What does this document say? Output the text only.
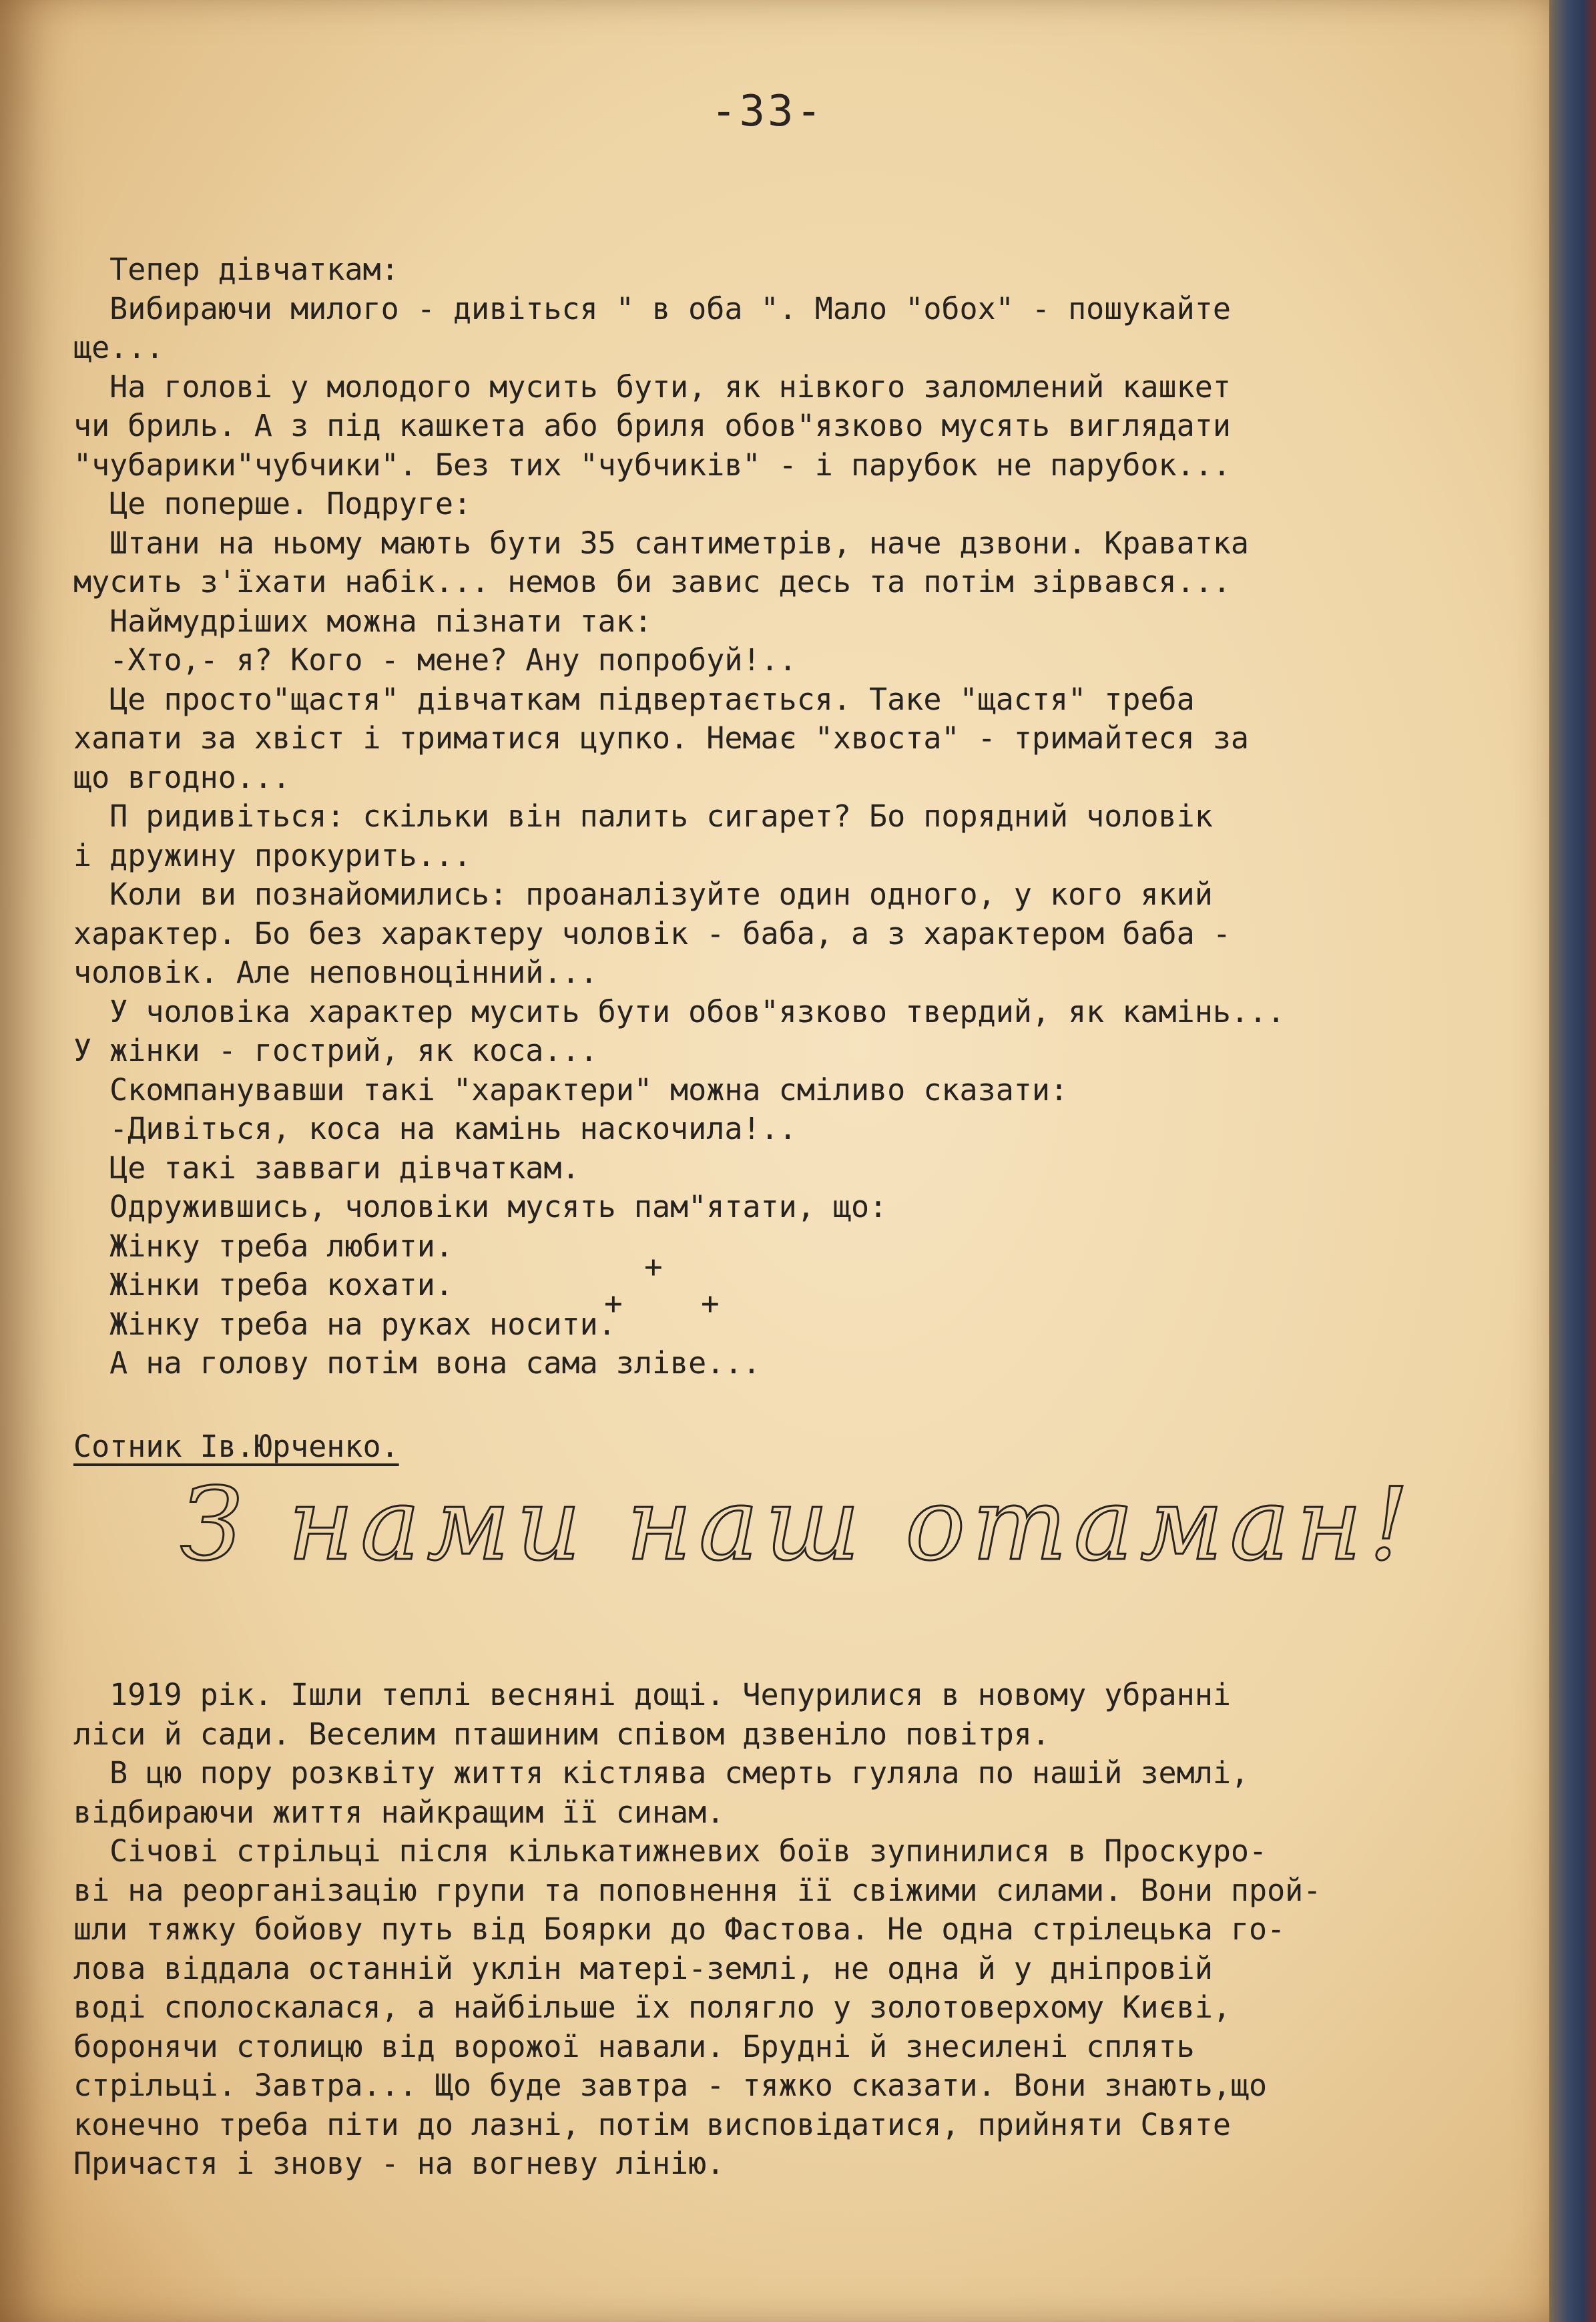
-33-
Тепер дівчаткам:
Вибираючи милого - дивіться " в оба ". Мало "обох" - пошукайте
ще...
На голові у молодого мусить бути, як нівкого заломлений кашкет
чи бриль. А з під кашкета або бриля обов"язково мусять виглядати
"чубарики"чубчики". Без тих "чубчиків" - і парубок не парубок...
Це поперше. Подруге:
Штани на ньому мають бути 35 сантиметрів, наче дзвони. Краватка
мусить з'їхати набік... немов би завис десь та потім зірвався...
Наймудріших можна пізнати так:
-Хто,- я? Кого - мене? Ану попробуй!..
Це просто"щастя" дівчаткам підвертається. Таке "щастя" треба
хапати за хвіст і триматися цупко. Немає "хвоста" - тримайтеся за
що вгодно...
П ридивіться: скільки він палить сигарет? Бо порядний чоловік
і дружину прокурить...
Коли ви познайомились: проаналізуйте один одного, у кого який
характер. Бо без характеру чоловік - баба, а з характером баба -
чоловік. Але неповноцінний...
У чоловіка характер мусить бути обов"язково твердий, як камінь...
У жінки - гострий, як коса...
Скомпанувавши такі "характери" можна сміливо сказати:
-Дивіться, коса на камінь наскочила!..
Це такі завваги дівчаткам.
Одружившись, чоловіки мусять пам"ятати, що:
Жінку треба любити.
Жінки треба кохати.
Жінку треба на руках носити.
А на голову потім вона сама зліве...
+
+	+
Сотник Ів.Юрченко.
З нами наш отаман!
1919 рік. Ішли теплі весняні дощі. Чепурилися в новому убранні
ліси й сади. Веселим пташиним співом дзвеніло повітря.
В цю пору розквіту життя кістлява смерть гуляла по нашій землі,
відбираючи життя найкращим її синам.
Січові стрільці після кількатижневих боїв зупинилися в Проскуро-
ві на реорганізацію групи та поповнення її свіжими силами. Вони прой-
шли тяжку бойову путь від Боярки до Фастова. Не одна стрілецька го-
лова віддала останній уклін матері-землі, не одна й у дніпровій
воді сполоскалася, а найбільше їх полягло у золотоверхому Києві,
боронячи столицю від ворожої навали. Брудні й знесилені сплять
стрільці. Завтра... Що буде завтра - тяжко сказати. Вони знають,що
конечно треба піти до лазні, потім висповідатися, прийняти Святе
Причастя і знову - на вогневу лінію.
